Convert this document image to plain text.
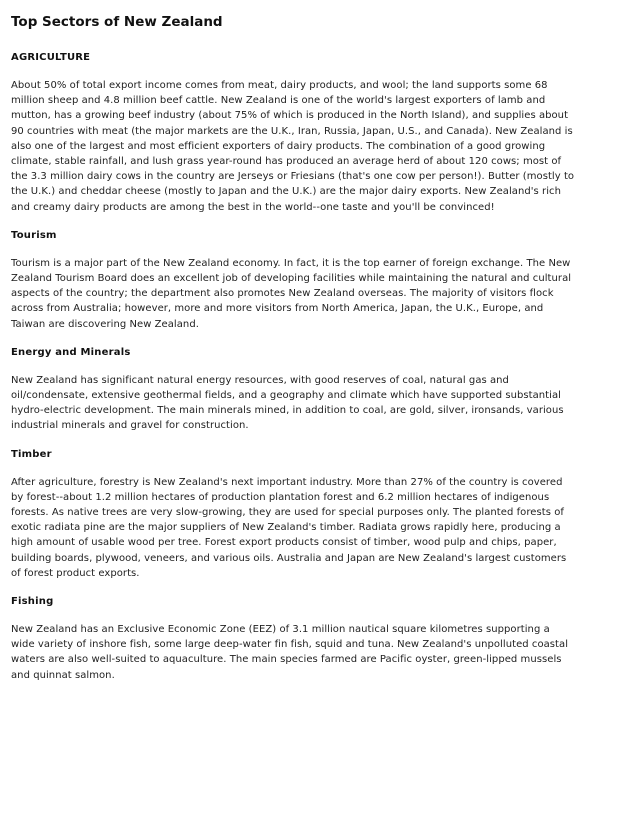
Top Sectors of New Zealand
AGRICULTURE

About 50% of total export income comes from meat, dairy products, and wool; the land supports some 68 million sheep and 4.8 million beef cattle. New Zealand is one of the world's largest exporters of lamb and mutton, has a growing beef industry (about 75% of which is produced in the North Island), and supplies about 90 countries with meat (the major markets are the U.K., Iran, Russia, Japan, U.S., and Canada). New Zealand is also one of the largest and most efficient exporters of dairy products. The combination of a good growing climate, stable rainfall, and lush grass year-round has produced an average herd of about 120 cows; most of the 3.3 million dairy cows in the country are Jerseys or Friesians (that's one cow per person!). Butter (mostly to the U.K.) and cheddar cheese (mostly to Japan and the U.K.) are the major dairy exports. New Zealand's rich and creamy dairy products are among the best in the world--one taste and you'll be convinced!

Tourism

Tourism is a major part of the New Zealand economy. In fact, it is the top earner of foreign exchange. The New Zealand Tourism Board does an excellent job of developing facilities while maintaining the natural and cultural aspects of the country; the department also promotes New Zealand overseas. The majority of visitors flock across from Australia; however, more and more visitors from North America, Japan, the U.K., Europe, and Taiwan are discovering New Zealand.

Energy and Minerals

New Zealand has significant natural energy resources, with good reserves of coal, natural gas and oil/condensate, extensive geothermal fields, and a geography and climate which have supported substantial hydro-electric development. The main minerals mined, in addition to coal, are gold, silver, ironsands, various industrial minerals and gravel for construction.

Timber

After agriculture, forestry is New Zealand's next important industry. More than 27% of the country is covered by forest--about 1.2 million hectares of production plantation forest and 6.2 million hectares of indigenous forests. As native trees are very slow-growing, they are used for special purposes only. The planted forests of exotic radiata pine are the major suppliers of New Zealand's timber. Radiata grows rapidly here, producing a high amount of usable wood per tree. Forest export products consist of timber, wood pulp and chips, paper, building boards, plywood, veneers, and various oils. Australia and Japan are New Zealand's largest customers of forest product exports.

Fishing

New Zealand has an Exclusive Economic Zone (EEZ) of 3.1 million nautical square kilometres supporting a wide variety of inshore fish, some large deep-water fin fish, squid and tuna. New Zealand's unpolluted coastal waters are also well-suited to aquaculture. The main species farmed are Pacific oyster, green-lipped mussels and quinnat salmon.
